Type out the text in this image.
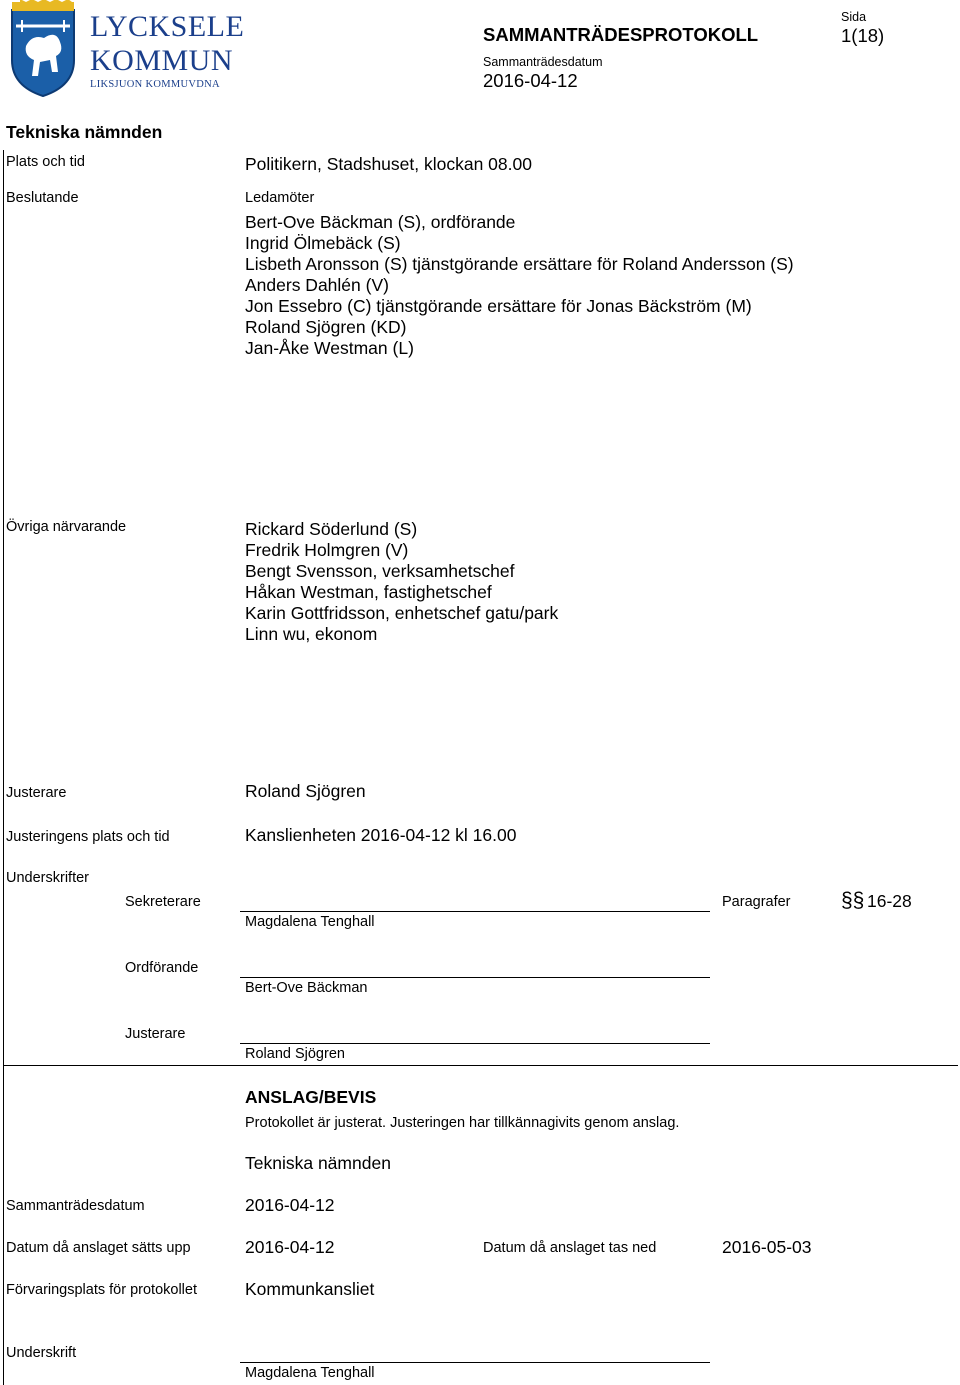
LYCKSELE
KOMMUN
LIKSJUON KOMMUVDNA
SAMMANTRÄDESPROTOKOLL
Sammanträdesdatum
2016-04-12
Sida
1(18)
Tekniska nämnden
Plats och tid	Politikern, Stadshuset, klockan 08.00
Beslutande	Ledamöter
Bert-Ove Bäckman (S), ordförande
Ingrid Ölmebäck (S)
Lisbeth Aronsson (S) tjänstgörande ersättare för Roland Andersson (S)
Anders Dahlén (V)
Jon Essebro (C) tjänstgörande ersättare för Jonas Bäckström (M)
Roland Sjögren (KD)
Jan-Åke Westman (L)
Övriga närvarande	Rickard Söderlund (S)
Fredrik Holmgren (V)
Bengt Svensson, verksamhetschef
Håkan Westman, fastighetschef
Karin Gottfridsson, enhetschef gatu/park
Linn wu, ekonom
Justerare	Roland Sjögren
Justeringens plats och tid	Kanslienheten 2016-04-12 kl 16.00
Underskrifter
Sekreterare
Magdalena Tenghall
Paragrafer §§ 16-28
Ordförande
Bert-Ove Bäckman
Justerare
Roland Sjögren
ANSLAG/BEVIS
Protokollet är justerat. Justeringen har tillkännagivits genom anslag.
Tekniska nämnden
Sammanträdesdatum	2016-04-12
Datum då anslaget sätts upp	2016-04-12	Datum då anslaget tas ned	2016-05-03
Förvaringsplats för protokollet	Kommunkansliet
Underskrift
Magdalena Tenghall
